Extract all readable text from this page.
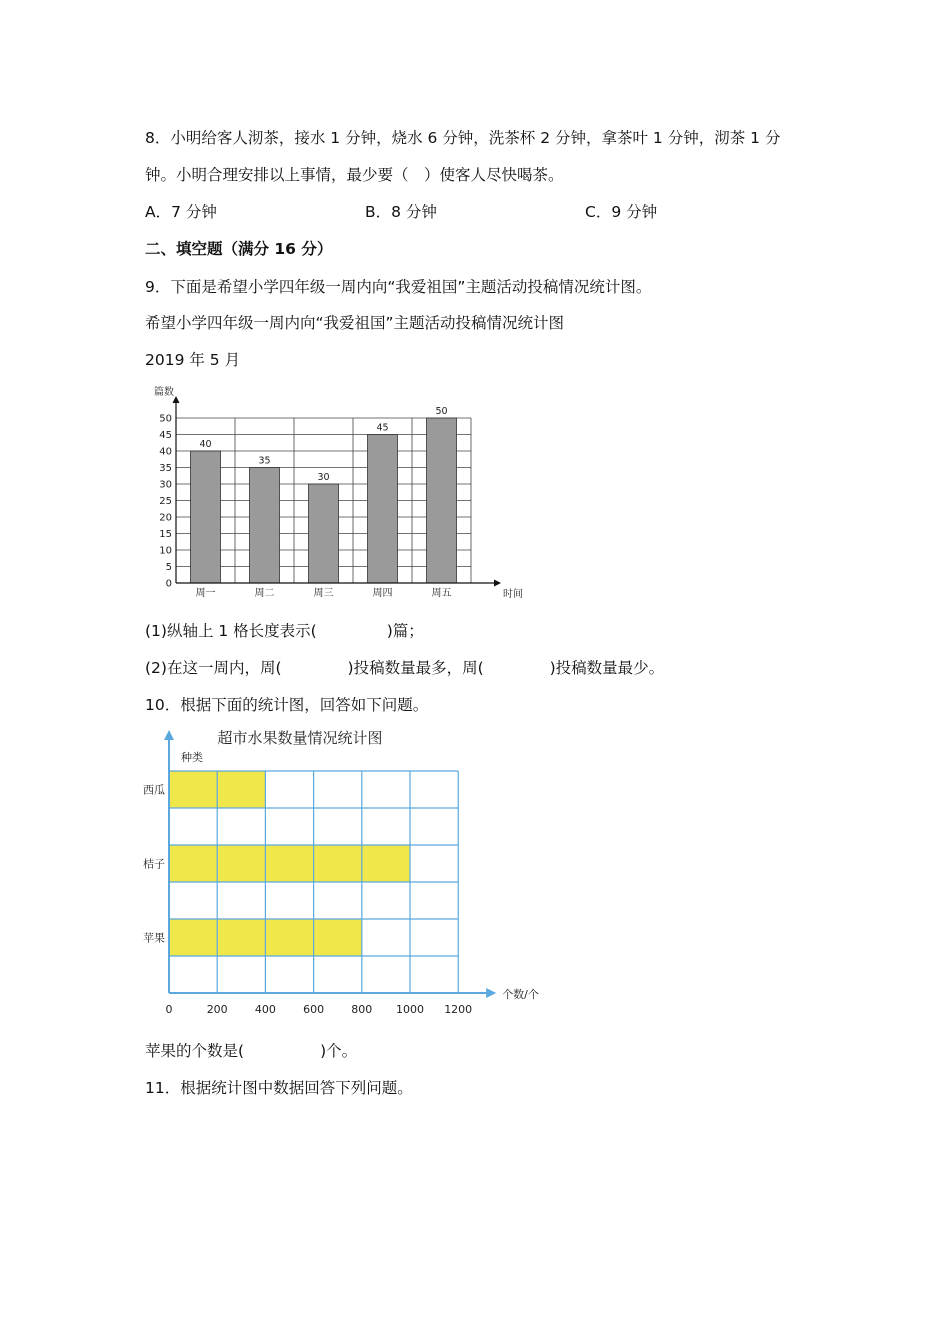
8．小明给客人沏茶，接水 1 分钟，烧水 6 分钟，洗茶杯 2 分钟，拿茶叶 1 分钟，沏茶 1 分
钟。小明合理安排以上事情，最少要（　）使客人尽快喝茶。
A．7 分钟	B．8 分钟	C．9 分钟
二、填空题（满分 16 分）
9．下面是希望小学四年级一周内向“我爱祖国”主题活动投稿情况统计图。
希望小学四年级一周内向“我爱祖国”主题活动投稿情况统计图
2019 年 5 月
40
周一
35
周二
30
周三
45
周四
50
周五
0
5
10
15
20
25
30
35
40
45
50
篇数
时间
(1)纵轴上 1 格长度表示(	)篇；
(2)在这一周内，周(	)投稿数量最多，周(	)投稿数量最少。
10．根据下面的统计图，回答如下问题。
西瓜
桔子
苹果
超市水果数量情况统计图
种类
个数/个
0	200 400 600 800 1000 1200
苹果的个数是(	)个。
11．根据统计图中数据回答下列问题。
